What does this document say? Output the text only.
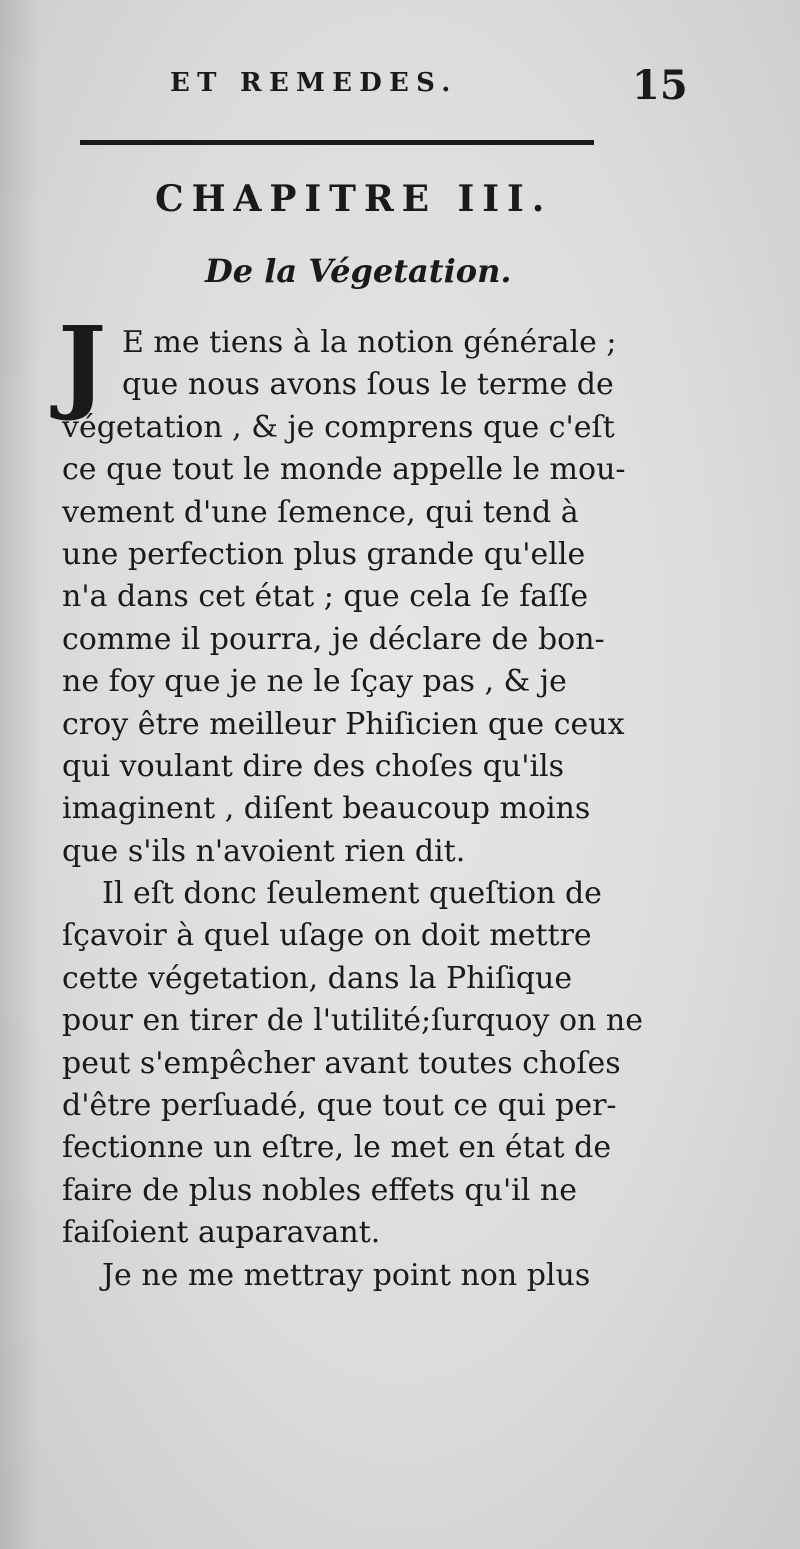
ET REMEDES.	15
CHAPITRE III.
De la Végetation.
J E me tiens à la notion générale ;
que nous avons ſous le terme de
végetation , & je comprens que c'eſt
ce que tout le monde appelle le mou-
vement d'une ſemence, qui tend à
une perfection plus grande qu'elle
n'a dans cet état ; que cela ſe faſſe
comme il pourra, je déclare de bon-
ne foy que je ne le ſçay pas , & je
croy être meilleur Phiſicien que ceux
qui voulant dire des choſes qu'ils
imaginent , diſent beaucoup moins
que s'ils n'avoient rien dit.
Il eſt donc ſeulement queſtion de
ſçavoir à quel uſage on doit mettre
cette végetation, dans la Phiſique
pour en tirer de l'utilité;ſurquoy on ne
peut s'empêcher avant toutes choſes
d'être perſuadé, que tout ce qui per-
fectionne un eſtre, le met en état de
faire de plus nobles effets qu'il ne
faiſoient auparavant.
Je ne me mettray point non plus
